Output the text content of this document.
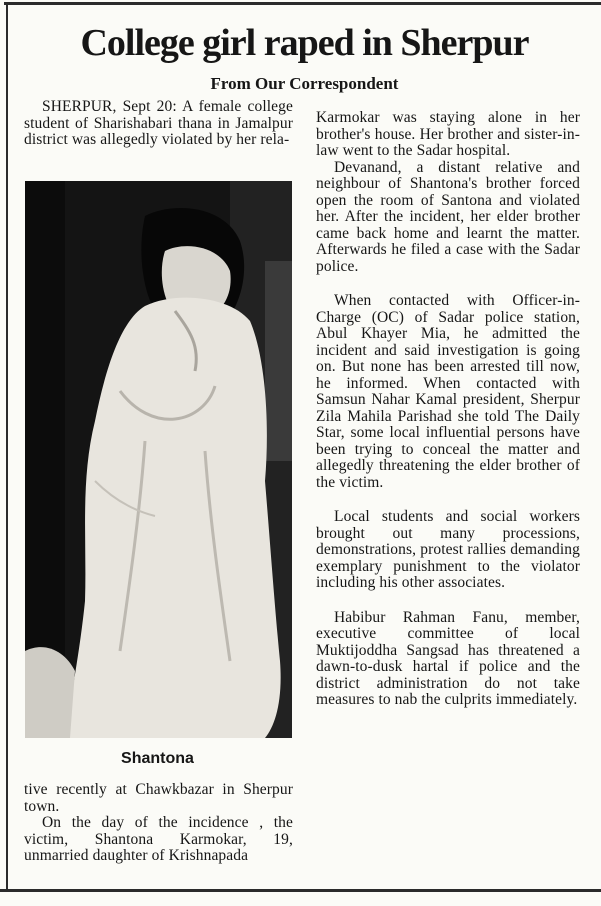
College girl raped in Sherpur
From Our Correspondent

SHERPUR, Sept 20: A female college student of Sharishabari thana in Jamalpur district was allegedly violated by her rela-

Shantona

tive recently at Chawkbazar in Sherpur town.

On the day of the incidence , the victim, Shantona Karmokar, 19, unmarried daughter of Krishnapada

Karmokar was staying alone in her brother's house. Her brother and sister-in-law went to the Sadar hospital.

Devanand, a distant relative and neighbour of Shantona's brother forced open the room of Santona and violated her. After the incident, her elder brother came back home and learnt the matter. Afterwards he filed a case with the Sadar police.

When contacted with Officer-in-Charge (OC) of Sadar police station, Abul Khayer Mia, he admitted the incident and said investigation is going on. But none has been arrested till now, he informed. When contacted with Samsun Nahar Kamal president, Sherpur Zila Mahila Parishad she told The Daily Star, some local influential persons have been trying to conceal the matter and allegedly threatening the elder brother of the victim.

Local students and social workers brought out many processions, demonstrations, protest rallies demanding exemplary punishment to the violator including his other associates.

Habibur Rahman Fanu, member, executive committee of local Muktijoddha Sangsad has threatened a dawn-to-dusk hartal if police and the district administration do not take measures to nab the culprits immediately.
